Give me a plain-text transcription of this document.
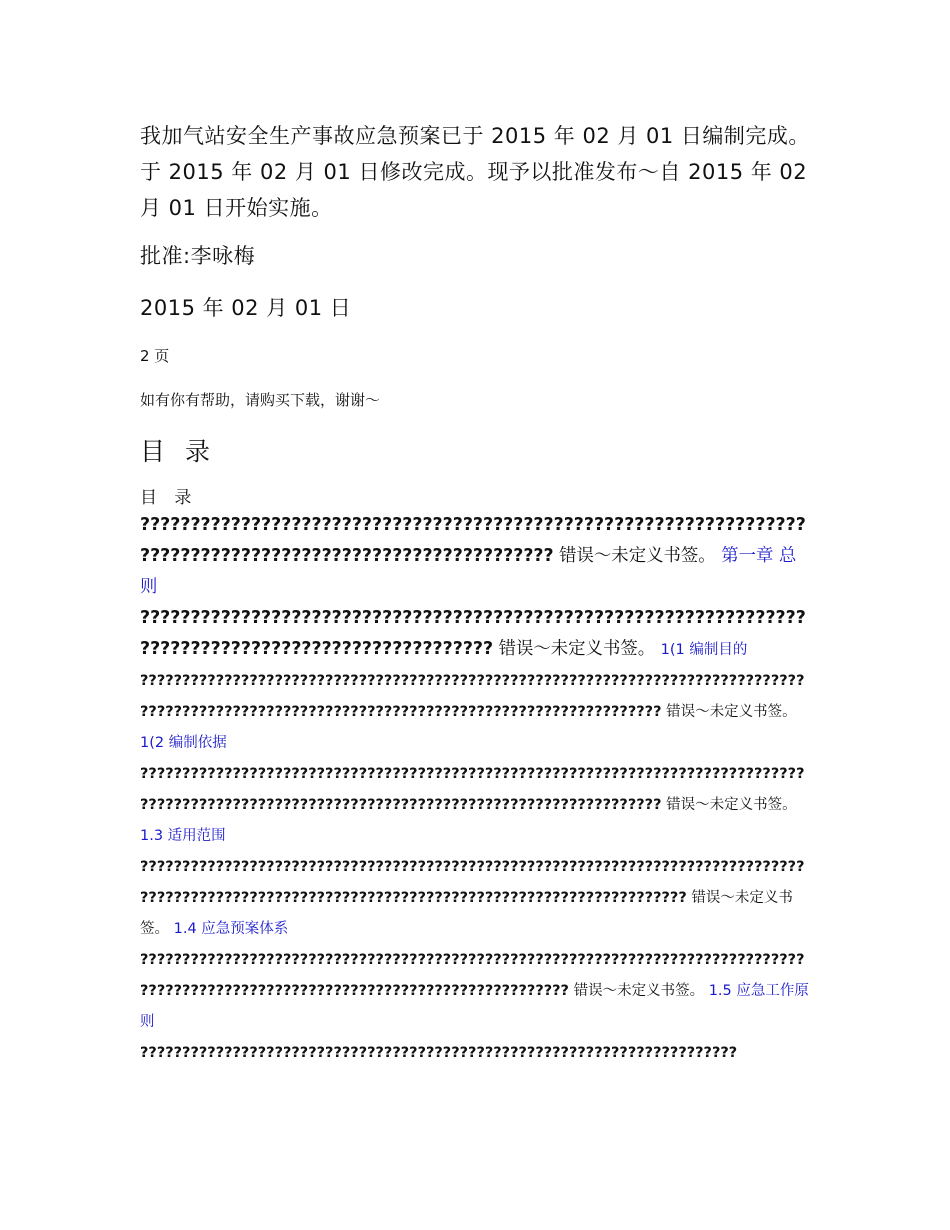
我加气站安全生产事故应急预案已于 2015 年 02 月 01 日编制完成。于 2015 年 02 月 01 日修改完成。现予以批准发布～自 2015 年 02 月 01 日开始实施。

批准:李咏梅

2015 年 02 月 01 日

2 页

如有你有帮助，请购买下载，谢谢～

目 录

目 录

??????????????????????????????????????????????????????????????????????????????????????????????????????????? 错误～未定义书签。 第一章 总则
????????????????????????????????????????????????????????????????????????????????????????????????????? 错误～未定义书签。 1(1 编制目的
????????????????????????????????????????????????????????????????????????????????????????????????????????????????????????????????????????????? 错误～未定义书签。 1(2 编制依据
????????????????????????????????????????????????????????????????????????????????????????????????????????????????????????????????????????????? 错误～未定义书签。 1.3 适用范围
???????????????????????????????????????????????????????????????????????????????????????????????????????????????????????????????????????????????? 错误～未定义书签。 1.4 应急预案体系
?????????????????????????????????????????????????????????????????????????????????????????????????????????????????????????????????? 错误～未定义书签。 1.5 应急工作原则
???????????????????????????????????????????????????????????????????????
